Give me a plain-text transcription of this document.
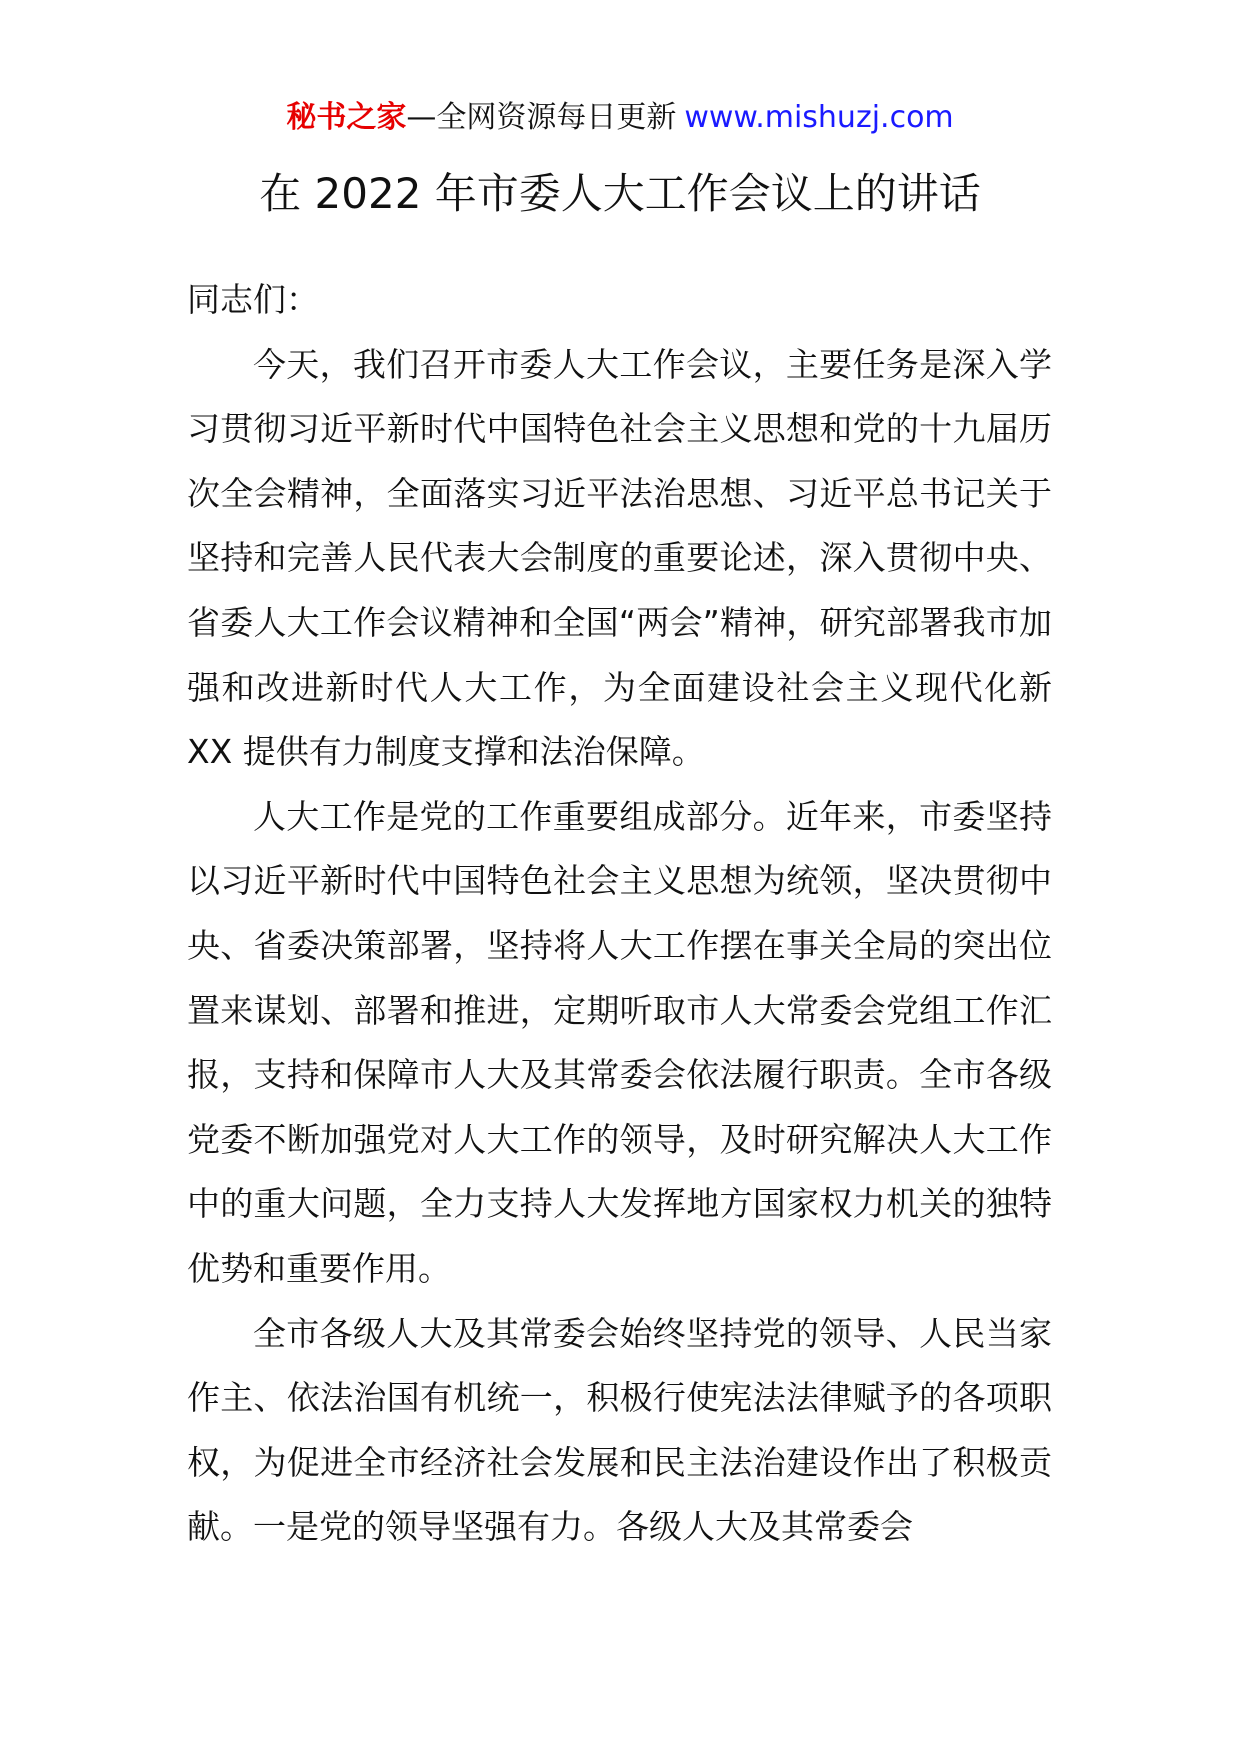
秘书之家—全网资源每日更新 www.mishuzj.com
在 2022 年市委人大工作会议上的讲话

同志们：

今天，我们召开市委人大工作会议，主要任务是深入学习贯彻习近平新时代中国特色社会主义思想和党的十九届历次全会精神，全面落实习近平法治思想、习近平总书记关于坚持和完善人民代表大会制度的重要论述，深入贯彻中央、省委人大工作会议精神和全国“两会”精神，研究部署我市加强和改进新时代人大工作，为全面建设社会主义现代化新 XX 提供有力制度支撑和法治保障。

人大工作是党的工作重要组成部分。近年来，市委坚持以习近平新时代中国特色社会主义思想为统领，坚决贯彻中央、省委决策部署，坚持将人大工作摆在事关全局的突出位置来谋划、部署和推进，定期听取市人大常委会党组工作汇报，支持和保障市人大及其常委会依法履行职责。全市各级党委不断加强党对人大工作的领导，及时研究解决人大工作中的重大问题，全力支持人大发挥地方国家权力机关的独特优势和重要作用。

全市各级人大及其常委会始终坚持党的领导、人民当家作主、依法治国有机统一，积极行使宪法法律赋予的各项职权，为促进全市经济社会发展和民主法治建设作出了积极贡献。一是党的领导坚强有力。各级人大及其常委会
